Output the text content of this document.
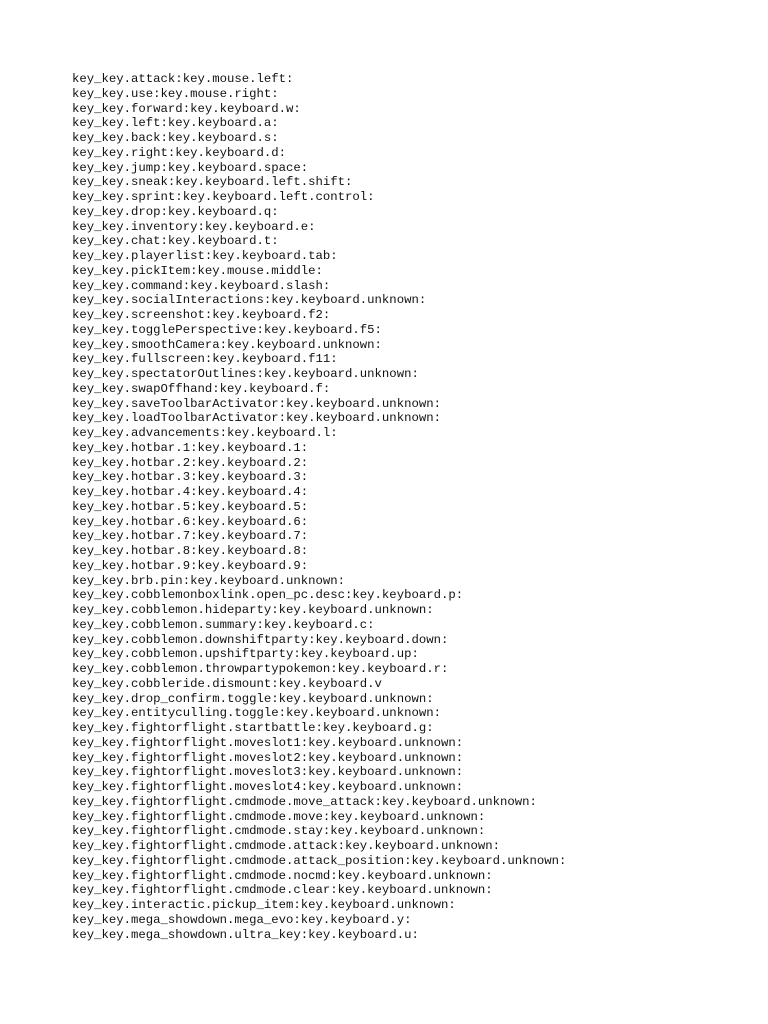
key_key.attack:key.mouse.left:
key_key.use:key.mouse.right:
key_key.forward:key.keyboard.w:
key_key.left:key.keyboard.a:
key_key.back:key.keyboard.s:
key_key.right:key.keyboard.d:
key_key.jump:key.keyboard.space:
key_key.sneak:key.keyboard.left.shift:
key_key.sprint:key.keyboard.left.control:
key_key.drop:key.keyboard.q:
key_key.inventory:key.keyboard.e:
key_key.chat:key.keyboard.t:
key_key.playerlist:key.keyboard.tab:
key_key.pickItem:key.mouse.middle:
key_key.command:key.keyboard.slash:
key_key.socialInteractions:key.keyboard.unknown:
key_key.screenshot:key.keyboard.f2:
key_key.togglePerspective:key.keyboard.f5:
key_key.smoothCamera:key.keyboard.unknown:
key_key.fullscreen:key.keyboard.f11:
key_key.spectatorOutlines:key.keyboard.unknown:
key_key.swapOffhand:key.keyboard.f:
key_key.saveToolbarActivator:key.keyboard.unknown:
key_key.loadToolbarActivator:key.keyboard.unknown:
key_key.advancements:key.keyboard.l:
key_key.hotbar.1:key.keyboard.1:
key_key.hotbar.2:key.keyboard.2:
key_key.hotbar.3:key.keyboard.3:
key_key.hotbar.4:key.keyboard.4:
key_key.hotbar.5:key.keyboard.5:
key_key.hotbar.6:key.keyboard.6:
key_key.hotbar.7:key.keyboard.7:
key_key.hotbar.8:key.keyboard.8:
key_key.hotbar.9:key.keyboard.9:
key_key.brb.pin:key.keyboard.unknown:
key_key.cobblemonboxlink.open_pc.desc:key.keyboard.p:
key_key.cobblemon.hideparty:key.keyboard.unknown:
key_key.cobblemon.summary:key.keyboard.c:
key_key.cobblemon.downshiftparty:key.keyboard.down:
key_key.cobblemon.upshiftparty:key.keyboard.up:
key_key.cobblemon.throwpartypokemon:key.keyboard.r:
key_key.cobbleride.dismount:key.keyboard.v
key_key.drop_confirm.toggle:key.keyboard.unknown:
key_key.entityculling.toggle:key.keyboard.unknown:
key_key.fightorflight.startbattle:key.keyboard.g:
key_key.fightorflight.moveslot1:key.keyboard.unknown:
key_key.fightorflight.moveslot2:key.keyboard.unknown:
key_key.fightorflight.moveslot3:key.keyboard.unknown:
key_key.fightorflight.moveslot4:key.keyboard.unknown:
key_key.fightorflight.cmdmode.move_attack:key.keyboard.unknown:
key_key.fightorflight.cmdmode.move:key.keyboard.unknown:
key_key.fightorflight.cmdmode.stay:key.keyboard.unknown:
key_key.fightorflight.cmdmode.attack:key.keyboard.unknown:
key_key.fightorflight.cmdmode.attack_position:key.keyboard.unknown:
key_key.fightorflight.cmdmode.nocmd:key.keyboard.unknown:
key_key.fightorflight.cmdmode.clear:key.keyboard.unknown:
key_key.interactic.pickup_item:key.keyboard.unknown:
key_key.mega_showdown.mega_evo:key.keyboard.y:
key_key.mega_showdown.ultra_key:key.keyboard.u:
